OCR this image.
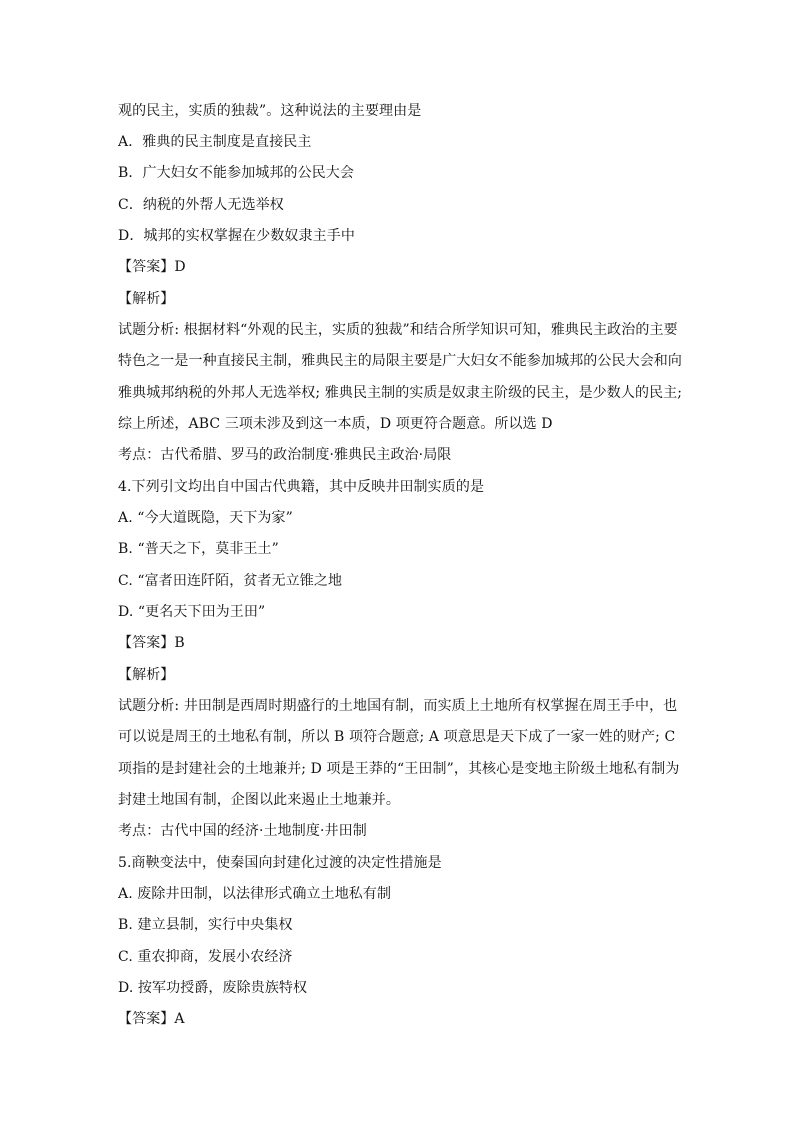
观的民主，实质的独裁”。这种说法的主要理由是
A．雅典的民主制度是直接民主
B．广大妇女不能参加城邦的公民大会
C．纳税的外帮人无选举权
D．城邦的实权掌握在少数奴隶主手中
【答案】D
【解析】
试题分析: 根据材料“外观的民主，实质的独裁”和结合所学知识可知，雅典民主政治的主要
特色之一是一种直接民主制，雅典民主的局限主要是广大妇女不能参加城邦的公民大会和向
雅典城邦纳税的外邦人无选举权; 雅典民主制的实质是奴隶主阶级的民主，是少数人的民主;
综上所述，ABC 三项未涉及到这一本质，D 项更符合题意。所以选 D
考点：古代希腊、罗马的政治制度·雅典民主政治·局限
4.下列引文均出自中国古代典籍，其中反映井田制实质的是
A. “今大道既隐，天下为家”
B. “普天之下，莫非王土”
C. “富者田连阡陌，贫者无立锥之地
D. “更名天下田为王田”
【答案】B
【解析】
试题分析: 井田制是西周时期盛行的土地国有制，而实质上土地所有权掌握在周王手中，也
可以说是周王的土地私有制，所以 B 项符合题意; A 项意思是天下成了一家一姓的财产; C
项指的是封建社会的土地兼并; D 项是王莽的“王田制”，其核心是变地主阶级土地私有制为
封建土地国有制，企图以此来遏止土地兼并。
考点：古代中国的经济·土地制度·井田制
5.商鞅变法中，使秦国向封建化过渡的决定性措施是
A. 废除井田制，以法律形式确立土地私有制
B. 建立县制，实行中央集权
C. 重农抑商，发展小农经济
D. 按军功授爵，废除贵族特权
【答案】A
